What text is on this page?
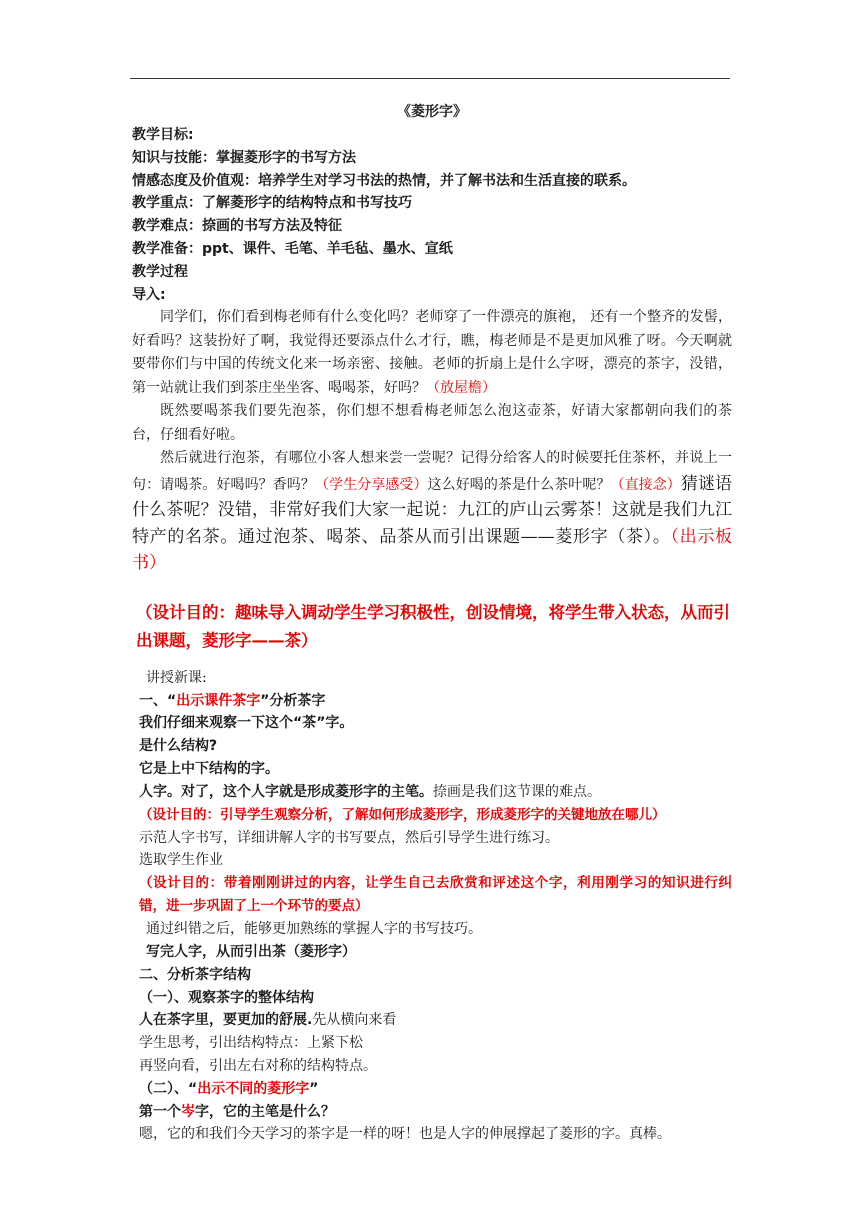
《菱形字》
教学目标:
知识与技能：掌握菱形字的书写方法
情感态度及价值观：培养学生对学习书法的热情，并了解书法和生活直接的联系。
教学重点：了解菱形字的结构特点和书写技巧
教学难点：捺画的书写方法及特征
教学准备：ppt、课件、毛笔、羊毛毡、墨水、宣纸
教学过程
导入:
同学们，你们看到梅老师有什么变化吗？老师穿了一件漂亮的旗袍， 还有一个整齐的发髻，好看吗？这装扮好了啊，我觉得还要添点什么才行，瞧，梅老师是不是更加风雅了呀。今天啊就要带你们与中国的传统文化来一场亲密、接触。老师的折扇上是什么字呀，漂亮的茶字，没错，第一站就让我们到茶庄坐坐客、喝喝茶，好吗？（放屋檐）
既然要喝茶我们要先泡茶，你们想不想看梅老师怎么泡这壶茶，好请大家都朝向我们的茶台，仔细看好啦。
然后就进行泡茶，有哪位小客人想来尝一尝呢？记得分给客人的时候要托住茶杯，并说上一句：请喝茶。好喝吗？香吗？（学生分享感受）这么好喝的茶是什么茶叶呢？（直接念）猜谜语什么茶呢？没错，非常好我们大家一起说：九江的庐山云雾茶！这就是我们九江特产的名茶。通过泡茶、喝茶、品茶从而引出课题——菱形字（茶）。（出示板书）
（设计目的：趣味导入调动学生学习积极性，创设情境，将学生带入状态，从而引出课题，菱形字——茶）
讲授新课:
一、“出示课件茶字”分析茶字
我们仔细来观察一下这个“茶”字。
是什么结构?
它是上中下结构的字。
人字。对了，这个人字就是形成菱形字的主笔。捺画是我们这节课的难点。
（设计目的：引导学生观察分析，了解如何形成菱形字，形成菱形字的关键地放在哪儿）
示范人字书写，详细讲解人字的书写要点，然后引导学生进行练习。
选取学生作业
（设计目的：带着刚刚讲过的内容，让学生自己去欣赏和评述这个字，利用刚学习的知识进行纠错，进一步巩固了上一个环节的要点）
通过纠错之后，能够更加熟练的掌握人字的书写技巧。
写完人字，从而引出茶（菱形字）
二、分析茶字结构
（一）、观察茶字的整体结构
人在茶字里，要更加的舒展.先从横向来看
学生思考，引出结构特点：上紧下松
再竖向看，引出左右对称的结构特点。
（二）、“出示不同的菱形字”
第一个岑字，它的主笔是什么？
嗯，它的和我们今天学习的茶字是一样的呀！也是人字的伸展撑起了菱形的字。真棒。
